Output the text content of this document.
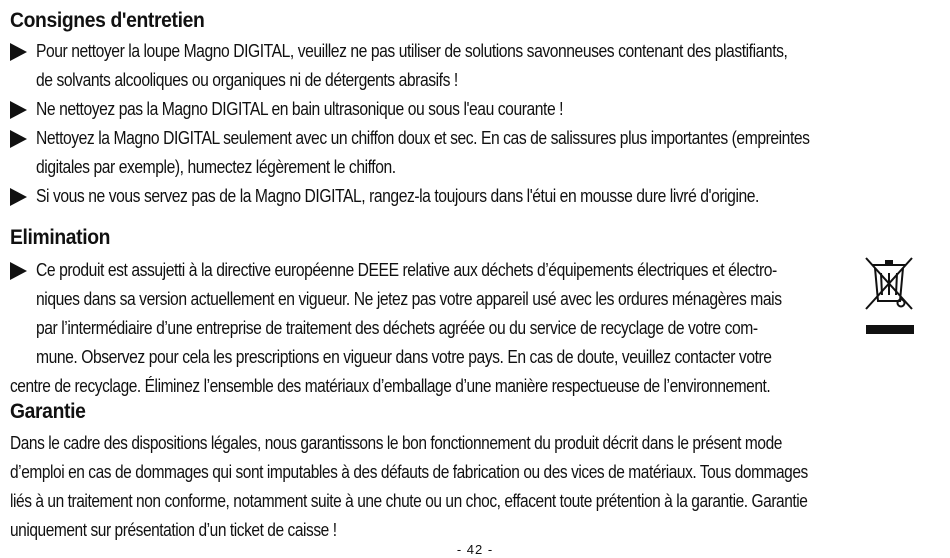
Consignes d'entretien
Pour nettoyer la loupe Magno DIGITAL, veuillez ne pas utiliser de solutions savonneuses contenant des plastifiants,
de solvants alcooliques ou organiques ni de détergents abrasifs !
Ne nettoyez pas la Magno DIGITAL en bain ultrasonique ou sous l'eau courante !
Nettoyez la Magno DIGITAL seulement avec un chiffon doux et sec. En cas de salissures plus importantes (empreintes
digitales par exemple), humectez légèrement le chiffon.
Si vous ne vous servez pas de la Magno DIGITAL, rangez-la toujours dans l'étui en mousse dure livré d'origine.
Elimination
Ce produit est assujetti à la directive européenne DEEE relative aux déchets d’équipements électriques et électro-
niques dans sa version actuellement en vigueur. Ne jetez pas votre appareil usé avec les ordures ménagères mais
par l’intermédiaire d’une entreprise de traitement des déchets agréée ou du service de recyclage de votre com-
mune. Observez pour cela les prescriptions en vigueur dans votre pays. En cas de doute, veuillez contacter votre
centre de recyclage. Éliminez l’ensemble des matériaux d’emballage d’une manière respectueuse de l’environnement.
Garantie
Dans le cadre des dispositions légales, nous garantissons le bon fonctionnement du produit décrit dans le présent mode
d’emploi en cas de dommages qui sont imputables à des défauts de fabrication ou des vices de matériaux. Tous dommages
liés à un traitement non conforme, notamment suite à une chute ou un choc, effacent toute prétention à la garantie. Garantie
uniquement sur présentation d’un ticket de caisse !
- 42 -
